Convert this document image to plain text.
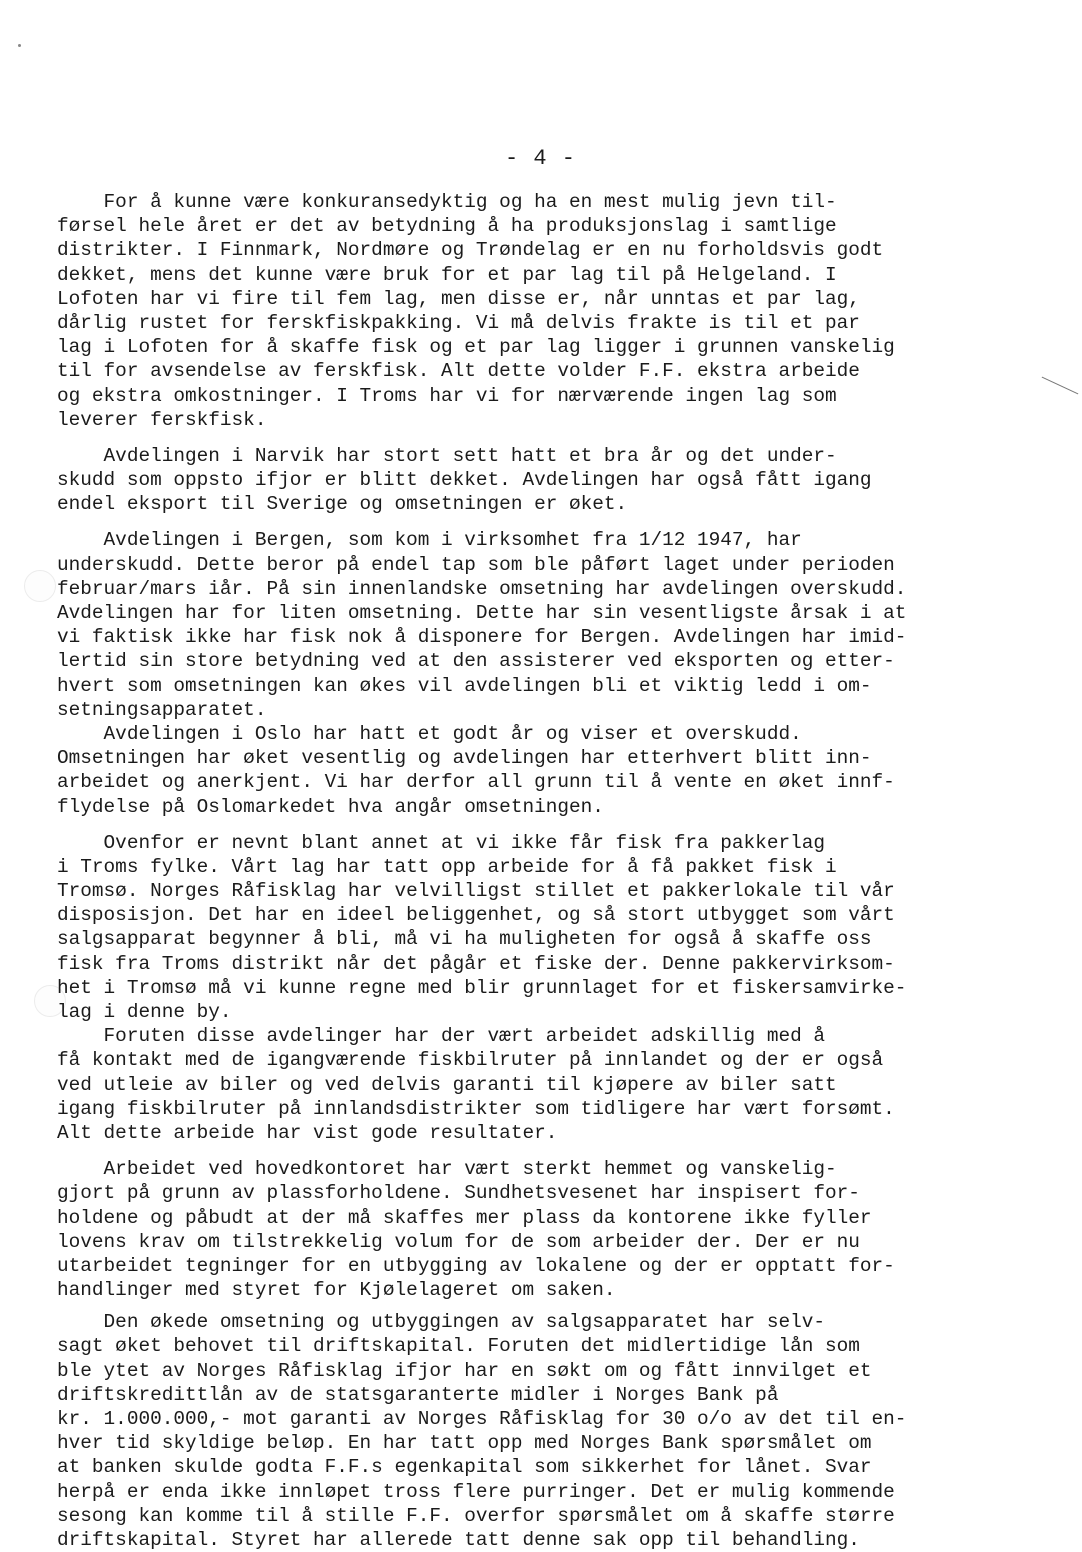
- 4 -
For å kunne være konkuransedyktig og ha en mest mulig jevn til-
førsel hele året er det av betydning å ha produksjonslag i samtlige
distrikter. I Finnmark, Nordmøre og Trøndelag er en nu forholdsvis godt
dekket, mens det kunne være bruk for et par lag til på Helgeland. I
Lofoten har vi fire til fem lag, men disse er, når unntas et par lag,
dårlig rustet for ferskfiskpakking. Vi må delvis frakte is til et par
lag i Lofoten for å skaffe fisk og et par lag ligger i grunnen vanskelig
til for avsendelse av ferskfisk. Alt dette volder F.F. ekstra arbeide
og ekstra omkostninger. I Troms har vi for nærværende ingen lag som
leverer ferskfisk.
Avdelingen i Narvik har stort sett hatt et bra år og det under-
skudd som oppsto ifjor er blitt dekket. Avdelingen har også fått igang
endel eksport til Sverige og omsetningen er øket.
Avdelingen i Bergen, som kom i virksomhet fra 1/12 1947, har
underskudd. Dette beror på endel tap som ble påført laget under perioden
februar/mars iår. På sin innenlandske omsetning har avdelingen overskudd.
Avdelingen har for liten omsetning. Dette har sin vesentligste årsak i at
vi faktisk ikke har fisk nok å disponere for Bergen. Avdelingen har imid-
lertid sin store betydning ved at den assisterer ved eksporten og etter-
hvert som omsetningen kan økes vil avdelingen bli et viktig ledd i om-
setningsapparatet.
Avdelingen i Oslo har hatt et godt år og viser et overskudd.
Omsetningen har øket vesentlig og avdelingen har etterhvert blitt inn-
arbeidet og anerkjent. Vi har derfor all grunn til å vente en øket innf-
flydelse på Oslomarkedet hva angår omsetningen.
Ovenfor er nevnt blant annet at vi ikke får fisk fra pakkerlag
i Troms fylke. Vårt lag har tatt opp arbeide for å få pakket fisk i
Tromsø. Norges Råfisklag har velvilligst stillet et pakkerlokale til vår
disposisjon. Det har en ideel beliggenhet, og så stort utbygget som vårt
salgsapparat begynner å bli, må vi ha muligheten for også å skaffe oss
fisk fra Troms distrikt når det pågår et fiske der. Denne pakkervirksom-
het i Tromsø må vi kunne regne med blir grunnlaget for et fiskersamvirke-
lag i denne by.
Foruten disse avdelinger har der vært arbeidet adskillig med å
få kontakt med de igangværende fiskbilruter på innlandet og der er også
ved utleie av biler og ved delvis garanti til kjøpere av biler satt
igang fiskbilruter på innlandsdistrikter som tidligere har vært forsømt.
Alt dette arbeide har vist gode resultater.
Arbeidet ved hovedkontoret har vært sterkt hemmet og vanskelig-
gjort på grunn av plassforholdene. Sundhetsvesenet har inspisert for-
holdene og påbudt at der må skaffes mer plass da kontorene ikke fyller
lovens krav om tilstrekkelig volum for de som arbeider der. Der er nu
utarbeidet tegninger for en utbygging av lokalene og der er opptatt for-
handlinger med styret for Kjølelageret om saken.
Den økede omsetning og utbyggingen av salgsapparatet har selv-
sagt øket behovet til driftskapital. Foruten det midlertidige lån som
ble ytet av Norges Råfisklag ifjor har en søkt om og fått innvilget et
driftskredittlån av de statsgaranterte midler i Norges Bank på
kr. 1.000.000,- mot garanti av Norges Råfisklag for 30 o/o av det til en-
hver tid skyldige beløp. En har tatt opp med Norges Bank spørsmålet om
at banken skulde godta F.F.s egenkapital som sikkerhet for lånet. Svar
herpå er enda ikke innløpet tross flere purringer. Det er mulig kommende
sesong kan komme til å stille F.F. overfor spørsmålet om å skaffe større
driftskapital. Styret har allerede tatt denne sak opp til behandling.
